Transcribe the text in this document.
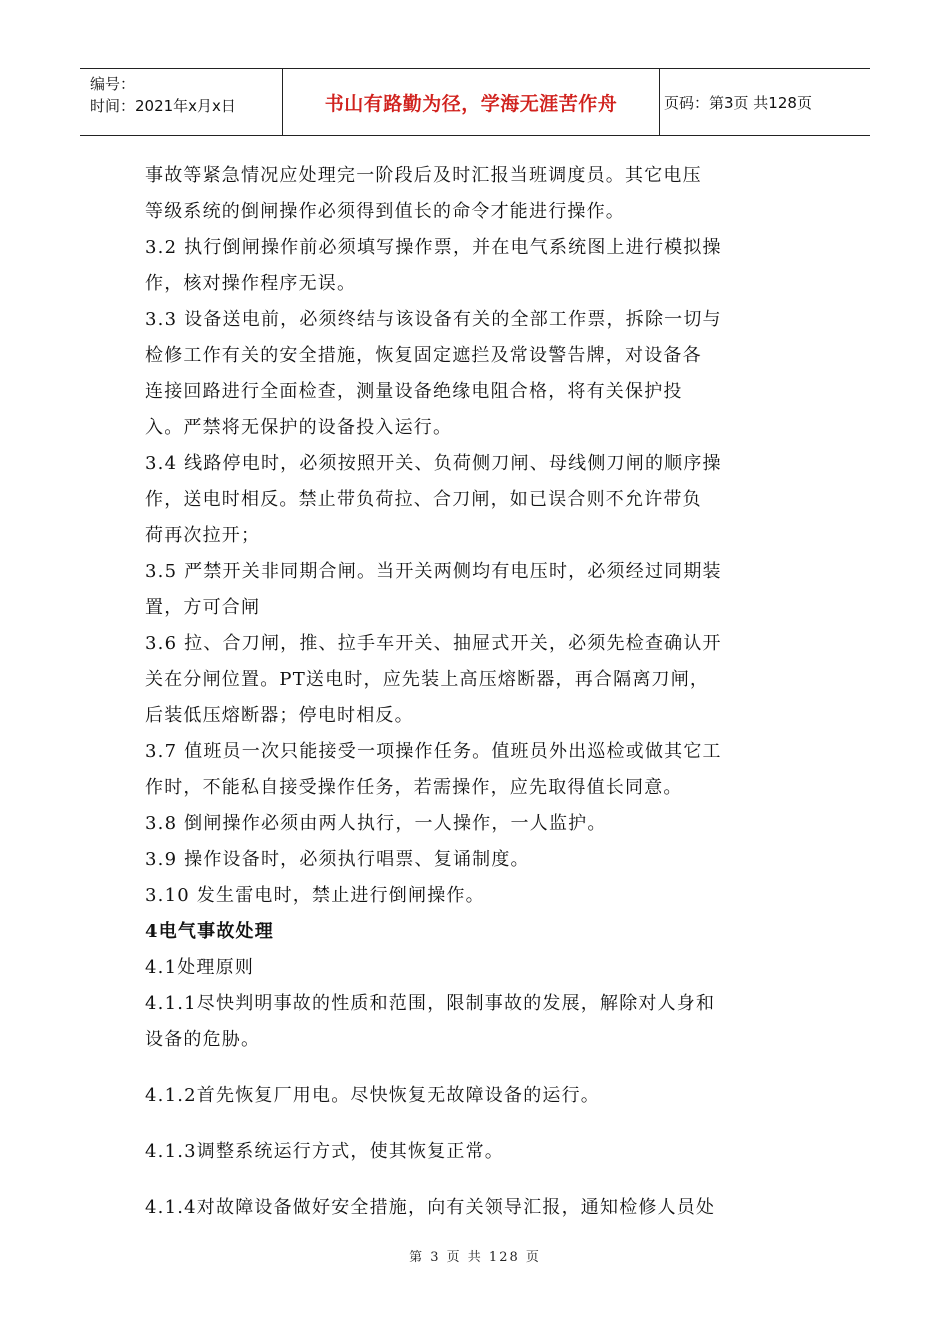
编号：
时间：2021年x月x日	书山有路勤为径，学海无涯苦作舟	页码：第3页 共128页

事故等紧急情况应处理完一阶段后及时汇报当班调度员。其它电压

等级系统的倒闸操作必须得到值长的命令才能进行操作。

3.2 执行倒闸操作前必须填写操作票，并在电气系统图上进行模拟操

作，核对操作程序无误。

3.3 设备送电前，必须终结与该设备有关的全部工作票，拆除一切与

检修工作有关的安全措施，恢复固定遮拦及常设警告牌，对设备各

连接回路进行全面检查，测量设备绝缘电阻合格，将有关保护投

入。严禁将无保护的设备投入运行。

3.4 线路停电时，必须按照开关、负荷侧刀闸、母线侧刀闸的顺序操

作，送电时相反。禁止带负荷拉、合刀闸，如已误合则不允许带负

荷再次拉开；

3.5 严禁开关非同期合闸。当开关两侧均有电压时，必须经过同期装

置，方可合闸

3.6 拉、合刀闸，推、拉手车开关、抽屉式开关，必须先检查确认开

关在分闸位置。PT送电时，应先装上高压熔断器，再合隔离刀闸，

后装低压熔断器；停电时相反。

3.7 值班员一次只能接受一项操作任务。值班员外出巡检或做其它工

作时，不能私自接受操作任务，若需操作，应先取得值长同意。

3.8 倒闸操作必须由两人执行，一人操作，一人监护。

3.9 操作设备时，必须执行唱票、复诵制度。

3.10 发生雷电时，禁止进行倒闸操作。

4电气事故处理

4.1处理原则

4.1.1尽快判明事故的性质和范围，限制事故的发展，解除对人身和

设备的危胁。

4.1.2首先恢复厂用电。尽快恢复无故障设备的运行。

4.1.3调整系统运行方式，使其恢复正常。

4.1.4对故障设备做好安全措施，向有关领导汇报，通知检修人员处

第 3 页 共 128 页
